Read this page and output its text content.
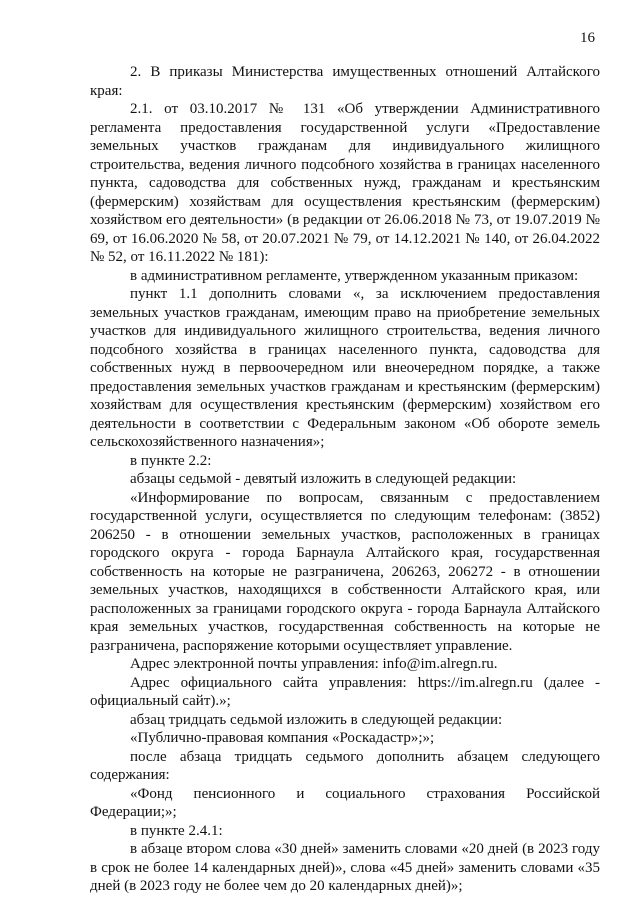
16

2. В приказы Министерства имущественных отношений Алтайского края:

2.1. от 03.10.2017 № 131 «Об утверждении Административного регламента предоставления государственной услуги «Предоставление земельных участков гражданам для индивидуального жилищного строительства, ведения личного подсобного хозяйства в границах населенного пункта, садоводства для собственных нужд, гражданам и крестьянским (фермерским) хозяйствам для осуществления крестьянским (фермерским) хозяйством его деятельности» (в редакции от 26.06.2018 № 73, от 19.07.2019 № 69, от 16.06.2020 № 58, от 20.07.2021 № 79, от 14.12.2021 № 140, от 26.04.2022 № 52, от 16.11.2022 № 181):

в административном регламенте, утвержденном указанным приказом:

пункт 1.1 дополнить словами «, за исключением предоставления земельных участков гражданам, имеющим право на приобретение земельных участков для индивидуального жилищного строительства, ведения личного подсобного хозяйства в границах населенного пункта, садоводства для собственных нужд в первоочередном или внеочередном порядке, а также предоставления земельных участков гражданам и крестьянским (фермерским) хозяйствам для осуществления крестьянским (фермерским) хозяйством его деятельности в соответствии с Федеральным законом «Об обороте земель сельскохозяйственного назначения»;

в пункте 2.2:

абзацы седьмой - девятый изложить в следующей редакции:

«Информирование по вопросам, связанным с предоставлением государственной услуги, осуществляется по следующим телефонам: (3852) 206250 - в отношении земельных участков, расположенных в границах городского округа - города Барнаула Алтайского края, государственная собственность на которые не разграничена, 206263, 206272 - в отношении земельных участков, находящихся в собственности Алтайского края, или расположенных за границами городского округа - города Барнаула Алтайского края земельных участков, государственная собственность на которые не разграничена, распоряжение которыми осуществляет управление.

Адрес электронной почты управления: info@im.alregn.ru.

Адрес официального сайта управления: https://im.alregn.ru (далее - официальный сайт).»;

абзац тридцать седьмой изложить в следующей редакции:

«Публично-правовая компания «Роскадастр»;»;

после абзаца тридцать седьмого дополнить абзацем следующего содержания:

«Фонд пенсионного и социального страхования Российской Федерации;»;

в пункте 2.4.1:

в абзаце втором слова «30 дней» заменить словами «20 дней (в 2023 году в срок не более 14 календарных дней)», слова «45 дней» заменить словами «35 дней (в 2023 году не более чем до 20 календарных дней)»;
